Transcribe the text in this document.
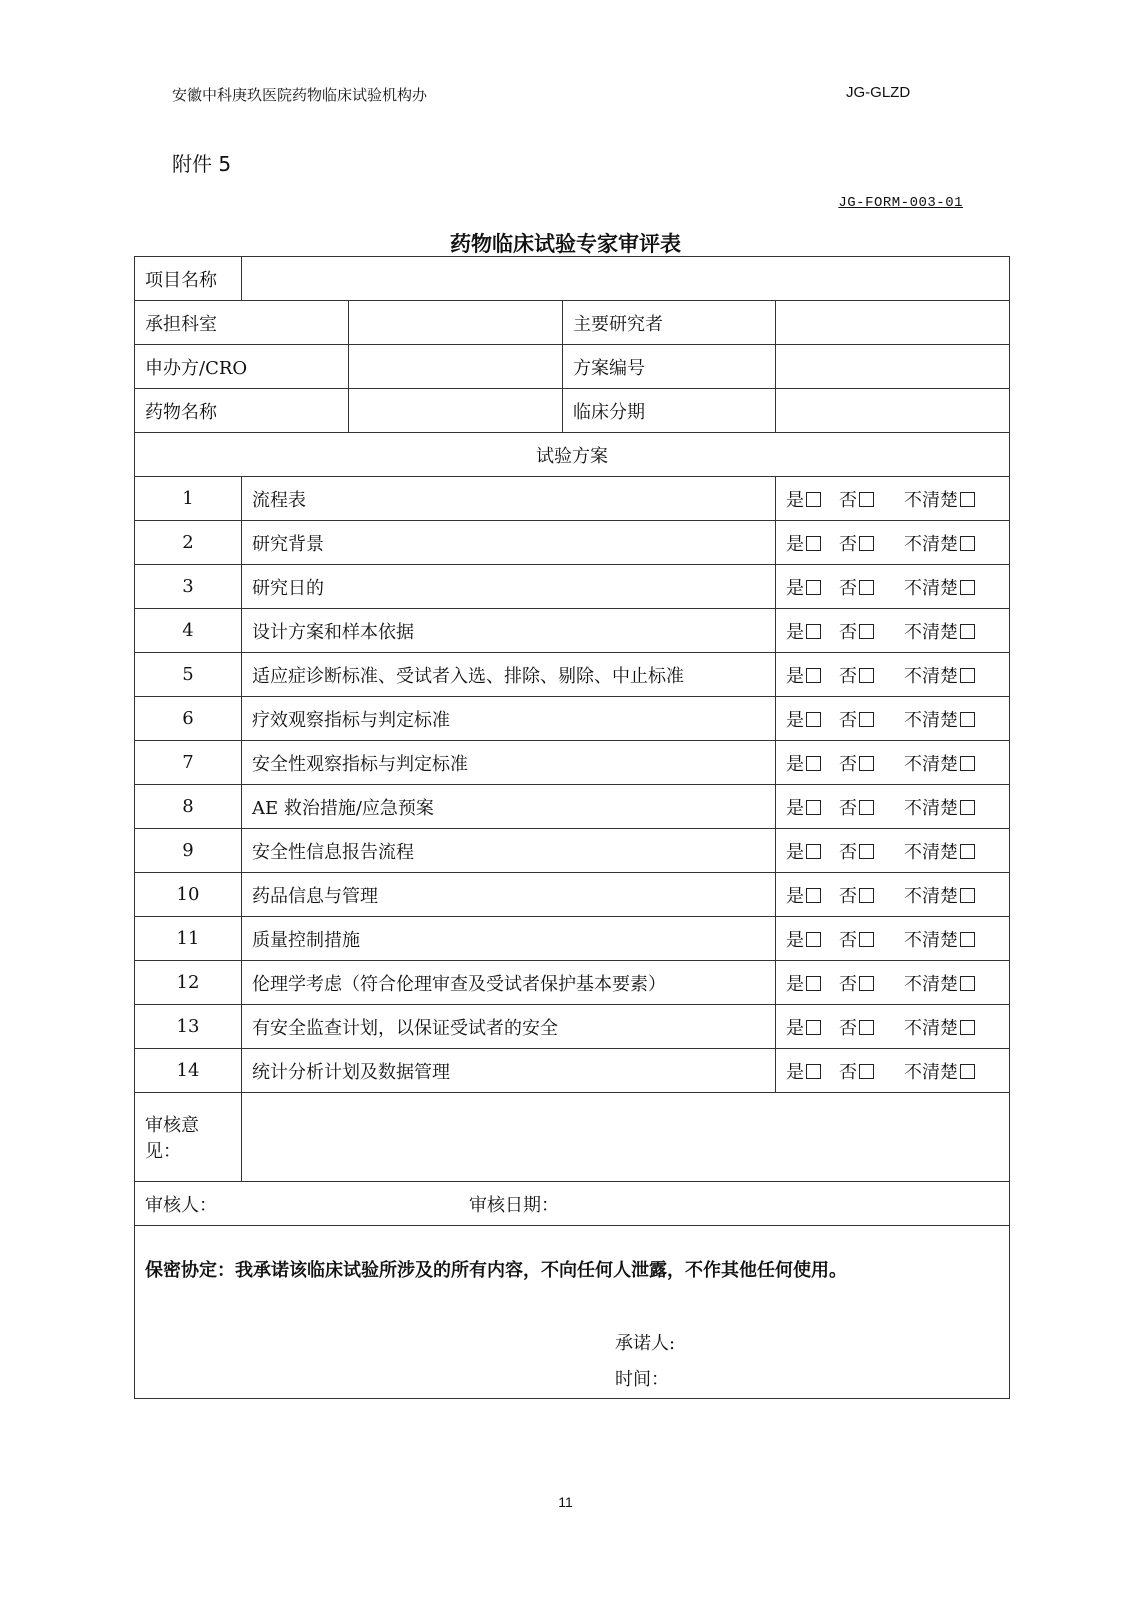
安徽中科庚玖医院药物临床试验机构办	JG-GLZD
附件 5
JG-FORM-003-01
药物临床试验专家审评表
项目名称				
承担科室			主要研究者	
申办方/CRO			方案编号	
药物名称			临床分期	
试验方案				
1	流程表			是 否 不清楚
2	研究背景			是 否 不清楚
3	研究日的			是 否 不清楚
4	设计方案和样本依据			是 否 不清楚
5	适应症诊断标准、受试者入选、排除、剔除、中止标准			是 否 不清楚
6	疗效观察指标与判定标准			是 否 不清楚
7	安全性观察指标与判定标准			是 否 不清楚
8	AE 救治措施/应急预案			是 否 不清楚
9	安全性信息报告流程			是 否 不清楚
10	药品信息与管理			是 否 不清楚
11	质量控制措施			是 否 不清楚
12	伦理学考虑（符合伦理审查及受试者保护基本要素）			是 否 不清楚
13	有安全监查计划，以保证受试者的安全			是 否 不清楚
14	统计分析计划及数据管理			是 否 不清楚
审核意见：				
审核人： 审核日期：				

保密协定：我承诺该临床试验所涉及的所有内容，不向任何人泄露，不作其他任何使用。
承诺人:
时间：				
11
